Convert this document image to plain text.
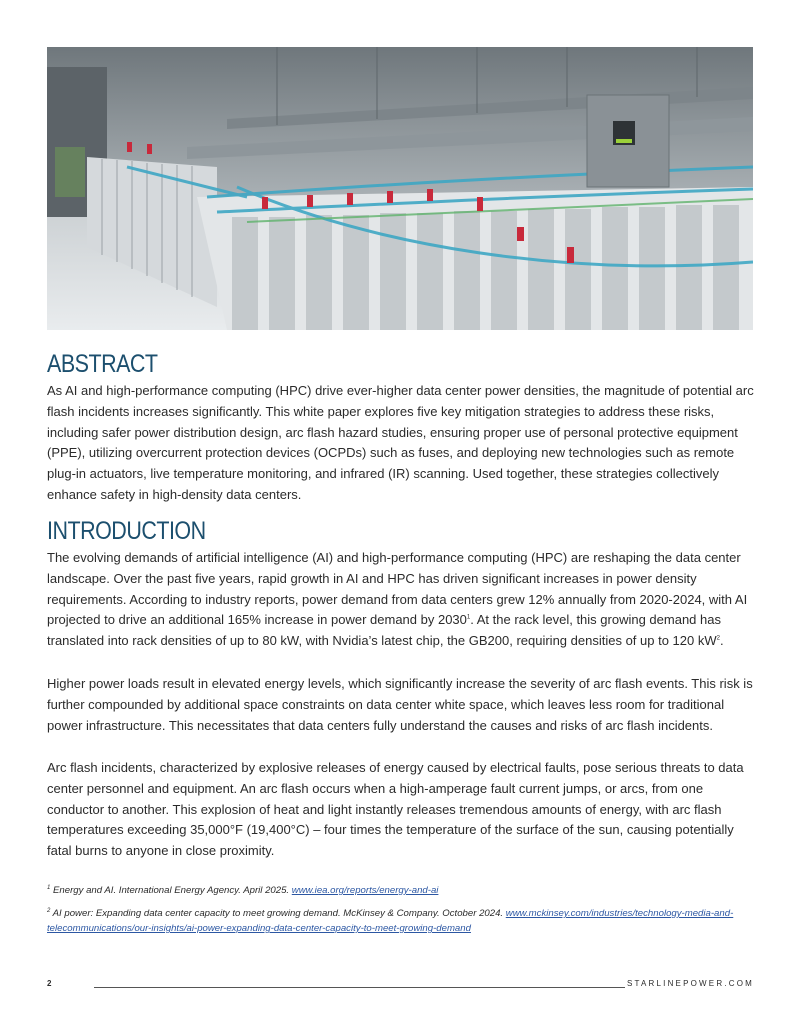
ABSTRACT

As AI and high-performance computing (HPC) drive ever-higher data center power densities, the magnitude of potential arc flash incidents increases significantly. This white paper explores five key mitigation strategies to address these risks, including safer power distribution design, arc flash hazard studies, ensuring proper use of personal protective equipment (PPE), utilizing overcurrent protection devices (OCPDs) such as fuses, and deploying new technologies such as remote plug-in actuators, live temperature monitoring, and infrared (IR) scanning. Used together, these strategies collectively enhance safety in high-density data centers.

INTRODUCTION

The evolving demands of artificial intelligence (AI) and high-performance computing (HPC) are reshaping the data center landscape. Over the past five years, rapid growth in AI and HPC has driven significant increases in power density requirements. According to industry reports, power demand from data centers grew 12% annually from 2020-2024, with AI projected to drive an additional 165% increase in power demand by 2030$^1$. At the rack level, this growing demand has translated into rack densities of up to 80 kW, with Nvidia’s latest chip, the GB200, requiring densities of up to 120 $kW^2$.

Higher power loads result in elevated energy levels, which significantly increase the severity of arc flash events. This risk is further compounded by additional space constraints on data center white space, which leaves less room for traditional power infrastructure. This necessitates that data centers fully understand the causes and risks of arc flash incidents.

Arc flash incidents, characterized by explosive releases of energy caused by electrical faults, pose serious threats to data center personnel and equipment. An arc flash occurs when a high-amperage fault current jumps, or arcs, from one conductor to another. This explosion of heat and light instantly releases tremendous amounts of energy, with arc flash temperatures exceeding 35,000°F (19,400°C) – four times the temperature of the surface of the sun, causing potentially fatal burns to anyone in close proximity.

$^1$ Energy and AI. International Energy Agency. April 2025. www.iea.org/reports/energy-and-ai

$^2$ AI power: Expanding data center capacity to meet growing demand. McKinsey & Company. October 2024. www.mckinsey.com/industries/technology-media-and-telecommunications/our-insights/ai-power-expanding-data-center-capacity-to-meet-growing-demand

2	STARLINEPOWER.COM
